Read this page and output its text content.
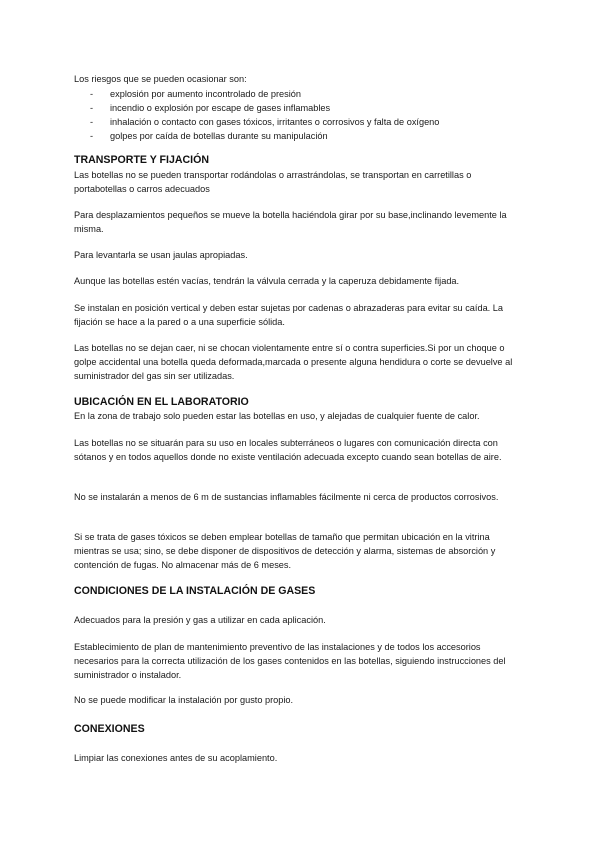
Los riesgos que se pueden ocasionar son:

- explosión por aumento incontrolado de presión
- incendio o explosión por escape de gases inflamables
- inhalación o contacto con gases tóxicos, irritantes o corrosivos y falta de oxígeno
- golpes por caída de botellas durante su manipulación
TRANSPORTE Y FIJACIÓN

Las botellas no se pueden transportar rodándolas o arrastrándolas, se transportan en carretillas o portabotellas o carros adecuados

Para desplazamientos pequeños se mueve la botella haciéndola girar por su base,inclinando levemente la misma.

Para levantarla se usan jaulas apropiadas.

Aunque las botellas estén vacías, tendrán la válvula cerrada y la caperuza debidamente fijada.

Se instalan en posición vertical y deben estar sujetas por cadenas o abrazaderas para evitar su caída. La fijación se hace a la pared o a una superficie sólida.

Las botellas no se dejan caer, ni se chocan violentamente entre sí o contra superficies.Si por un choque o golpe accidental una botella queda deformada,marcada o presente alguna hendidura o corte se devuelve al suministrador del gas sin ser utilizadas.

UBICACIÓN EN EL LABORATORIO

En la zona de trabajo solo pueden estar las botellas en uso, y alejadas de cualquier fuente de calor.

Las botellas no se situarán para su uso en locales subterráneos o lugares con comunicación directa con sótanos y en todos aquellos donde no existe ventilación adecuada excepto cuando sean botellas de aire.

No se instalarán a menos de 6 m de sustancias inflamables fácilmente ni cerca de productos corrosivos.

Si se trata de gases tóxicos se deben emplear botellas de tamaño que permitan ubicación en la vitrina mientras se usa; sino, se debe disponer de dispositivos de detección y alarma, sistemas de absorción y contención de fugas. No almacenar más de 6 meses.

CONDICIONES DE LA INSTALACIÓN DE GASES

Adecuados para la presión y gas a utilizar en cada aplicación.

Establecimiento de plan de mantenimiento preventivo de las instalaciones y de todos los accesorios necesarios para la correcta utilización de los gases contenidos en las botellas, siguiendo instrucciones del suministrador o instalador.

No se puede modificar la instalación por gusto propio.

CONEXIONES

Limpiar las conexiones antes de su acoplamiento.
